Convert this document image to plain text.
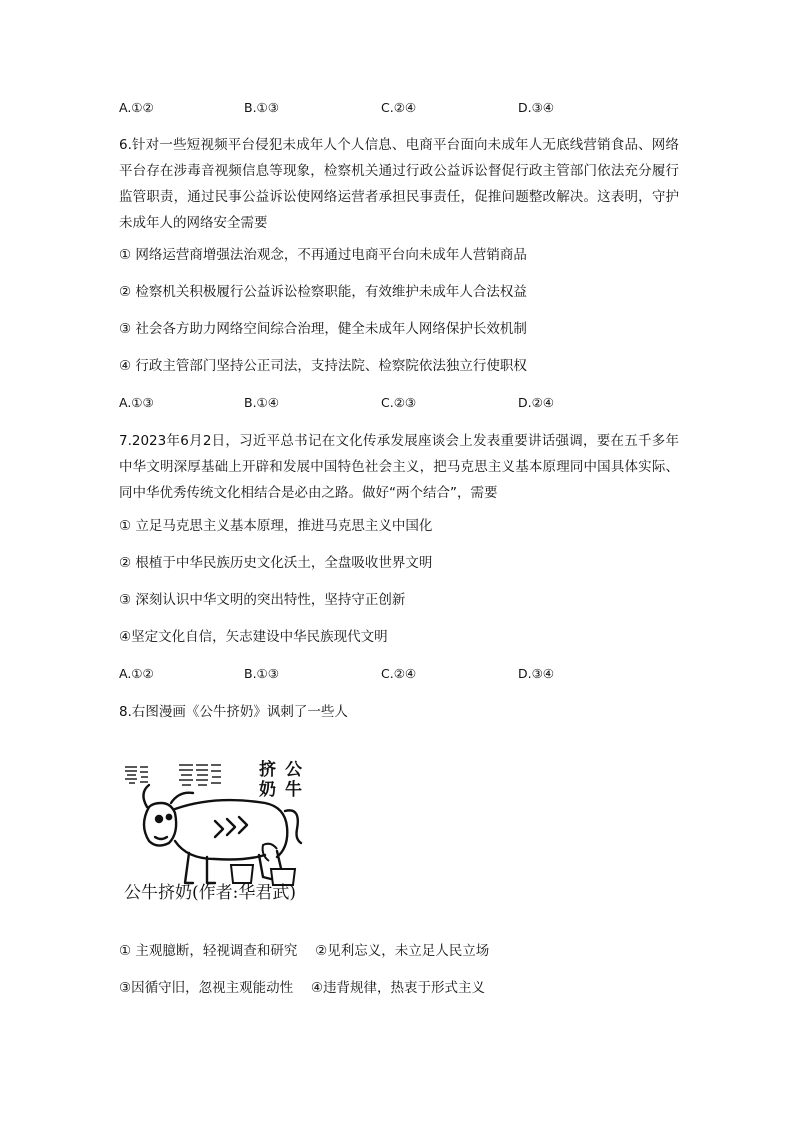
A.①②	B.①③	C.②④	D.③④
6.针对一些短视频平台侵犯未成年人个人信息、电商平台面向未成年人无底线营销食品、网络平台存在涉毒音视频信息等现象，检察机关通过行政公益诉讼督促行政主管部门依法充分履行监管职责，通过民事公益诉讼使网络运营者承担民事责任，促推问题整改解决。这表明，守护未成年人的网络安全需要
① 网络运营商增强法治观念，不再通过电商平台向未成年人营销商品
② 检察机关积极履行公益诉讼检察职能，有效维护未成年人合法权益
③ 社会各方助力网络空间综合治理，健全未成年人网络保护长效机制
④ 行政主管部门坚持公正司法，支持法院、检察院依法独立行使职权
A.①③	B.①④	C.②③	D.②④
7.2023年6月2日，习近平总书记在文化传承发展座谈会上发表重要讲话强调，要在五千多年中华文明深厚基础上开辟和发展中国特色社会主义，把马克思主义基本原理同中国具体实际、同中华优秀传统文化相结合是必由之路。做好“两个结合”，需要
① 立足马克思主义基本原理，推进马克思主义中国化
② 根植于中华民族历史文化沃土，全盘吸收世界文明
③ 深刻认识中华文明的突出特性，坚持守正创新
④坚定文化自信，矢志建设中华民族现代文明
A.①②	B.①③	C.②④	D.③④
8.右图漫画《公牛挤奶》讽刺了一些人
挤 公
奶 牛
公牛挤奶(作者:华君武)
① 主观臆断，轻视调查和研究　 ②见利忘义，未立足人民立场
③因循守旧，忽视主观能动性　 ④违背规律，热衷于形式主义
